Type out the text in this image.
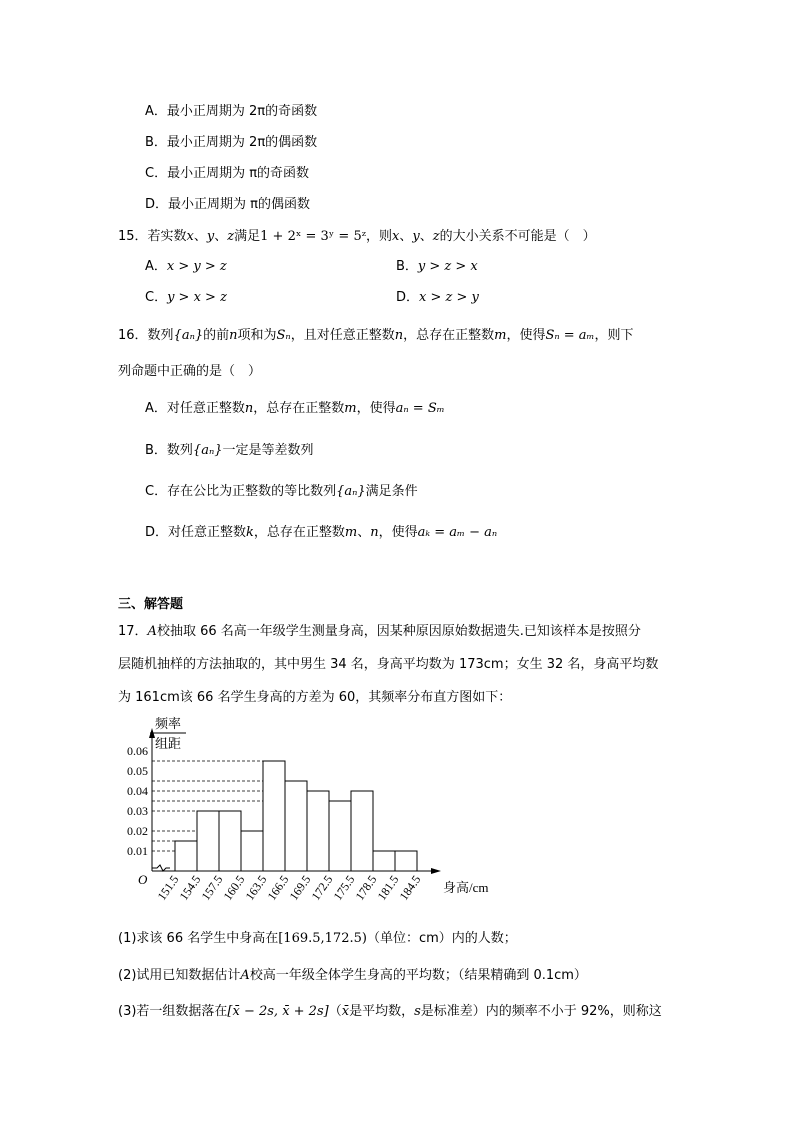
A．最小正周期为 2π的奇函数
B．最小正周期为 2π的偶函数
C．最小正周期为 π的奇函数
D．最小正周期为 π的偶函数
15．若实数x、y、z满足1 + 2ˣ = 3ʸ = 5ᶻ，则x、y、z的大小关系不可能是（　）
A．x > y > z	B．y > z > x
C．y > x > z	D．x > z > y
16．数列{aₙ}的前n项和为Sₙ，且对任意正整数n，总存在正整数m，使得Sₙ = aₘ，则下
列命题中正确的是（　）
A．对任意正整数n，总存在正整数m，使得aₙ = Sₘ
B．数列{aₙ}一定是等差数列
C．存在公比为正整数的等比数列{aₙ}满足条件
D．对任意正整数k，总存在正整数m、n，使得aₖ = aₘ − aₙ
三、解答题
17．A校抽取 66 名高一年级学生测量身高，因某种原因原始数据遗失.已知该样本是按照分
层随机抽样的方法抽取的，其中男生 34 名，身高平均数为 173cm；女生 32 名，身高平均数
为 161cm该 66 名学生身高的方差为 60，其频率分布直方图如下：
频率
组距
0.01
0.02
0.03
0.04
0.05
0.06
151.5
154.5
157.5
160.5
163.5
166.5
169.5
172.5
175.5
178.5
181.5
184.5
O
身高/cm
(1)求该 66 名学生中身高在[169.5,172.5)（单位：cm）内的人数；
(2)试用已知数据估计A校高一年级全体学生身高的平均数；（结果精确到 0.1cm）
(3)若一组数据落在[x̄ − 2s, x̄ + 2s]（x̄是平均数，s是标准差）内的频率不小于 92%，则称这
